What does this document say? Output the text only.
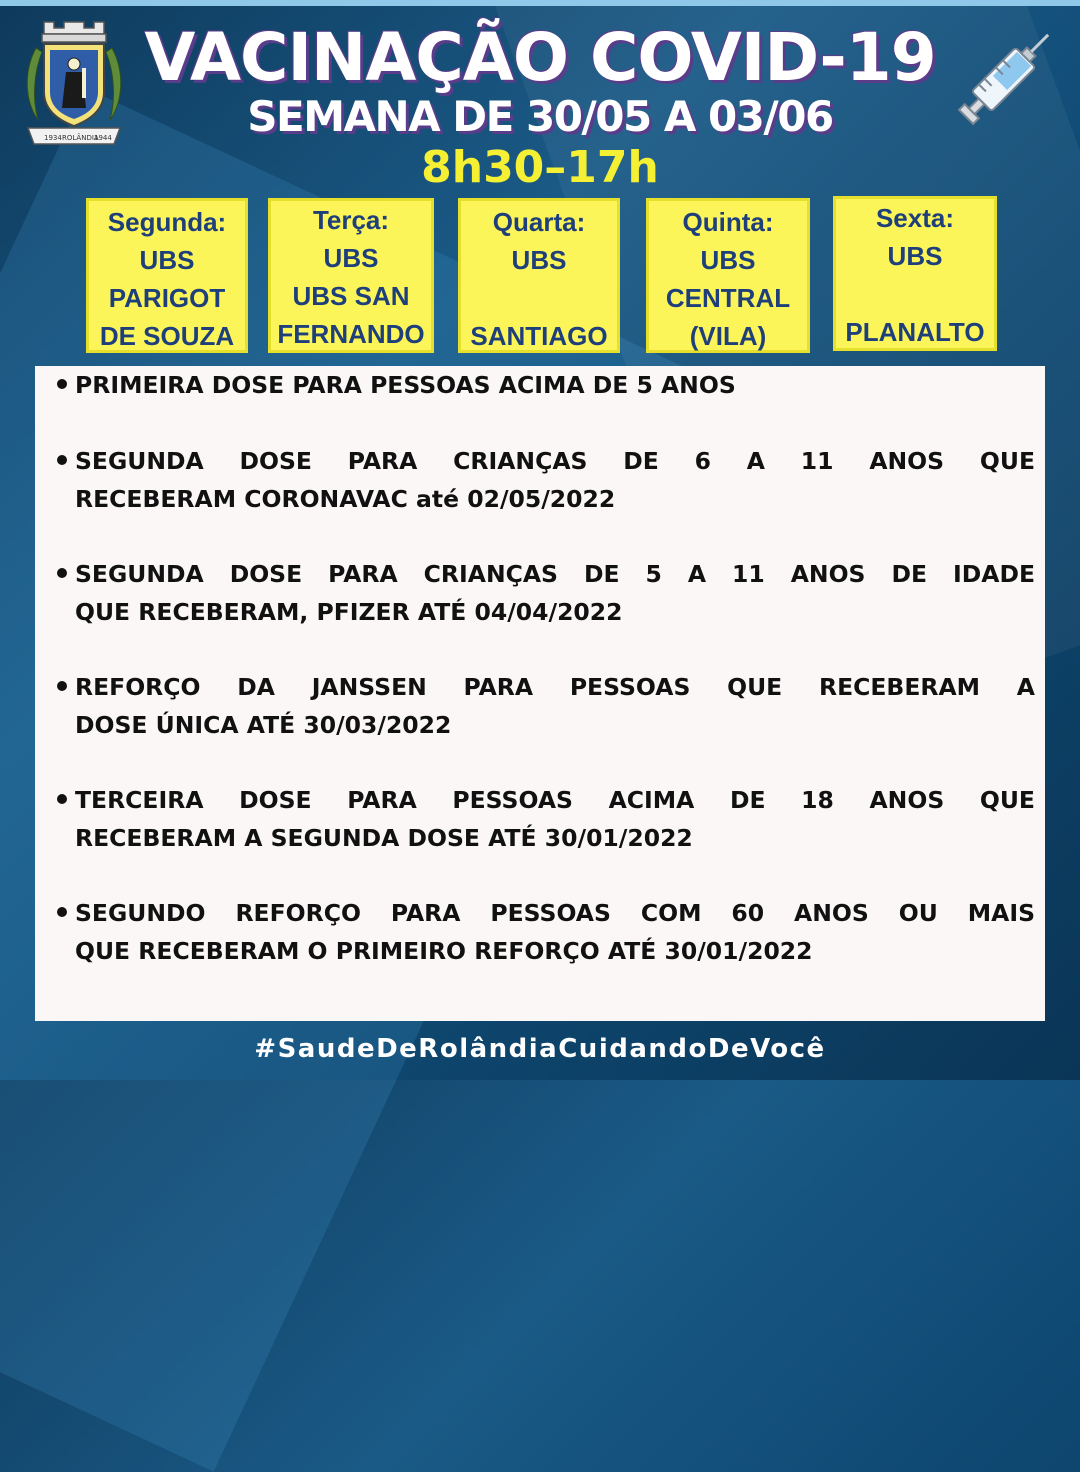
1934 ROLÂNDIA
1944
VACINAÇÃO COVID-19
SEMANA DE 30/05 A 03/06
8h30–17h
Segunda:
UBS
PARIGOT
DE SOUZA
Terça:
UBS
UBS SAN
FERNANDO
Quarta:
UBS
SANTIAGO
Quinta:
UBS
CENTRAL
(VILA)
Sexta:
UBS
PLANALTO
PRIMEIRA DOSE PARA PESSOAS ACIMA DE 5 ANOS
SEGUNDA DOSE PARA CRIANÇAS DE 6 A 11 ANOS QUE
RECEBERAM CORONAVAC até 02/05/2022
SEGUNDA DOSE PARA CRIANÇAS DE 5 A 11 ANOS DE IDADE
QUE RECEBERAM, PFIZER ATÉ 04/04/2022
REFORÇO DA JANSSEN PARA PESSOAS QUE RECEBERAM A
DOSE ÚNICA ATÉ 30/03/2022
TERCEIRA DOSE PARA PESSOAS ACIMA DE 18 ANOS QUE
RECEBERAM A SEGUNDA DOSE ATÉ 30/01/2022
SEGUNDO REFORÇO PARA PESSOAS COM 60 ANOS OU MAIS
QUE RECEBERAM O PRIMEIRO REFORÇO ATÉ 30/01/2022
#SaudeDeRolândiaCuidandoDeVocê
